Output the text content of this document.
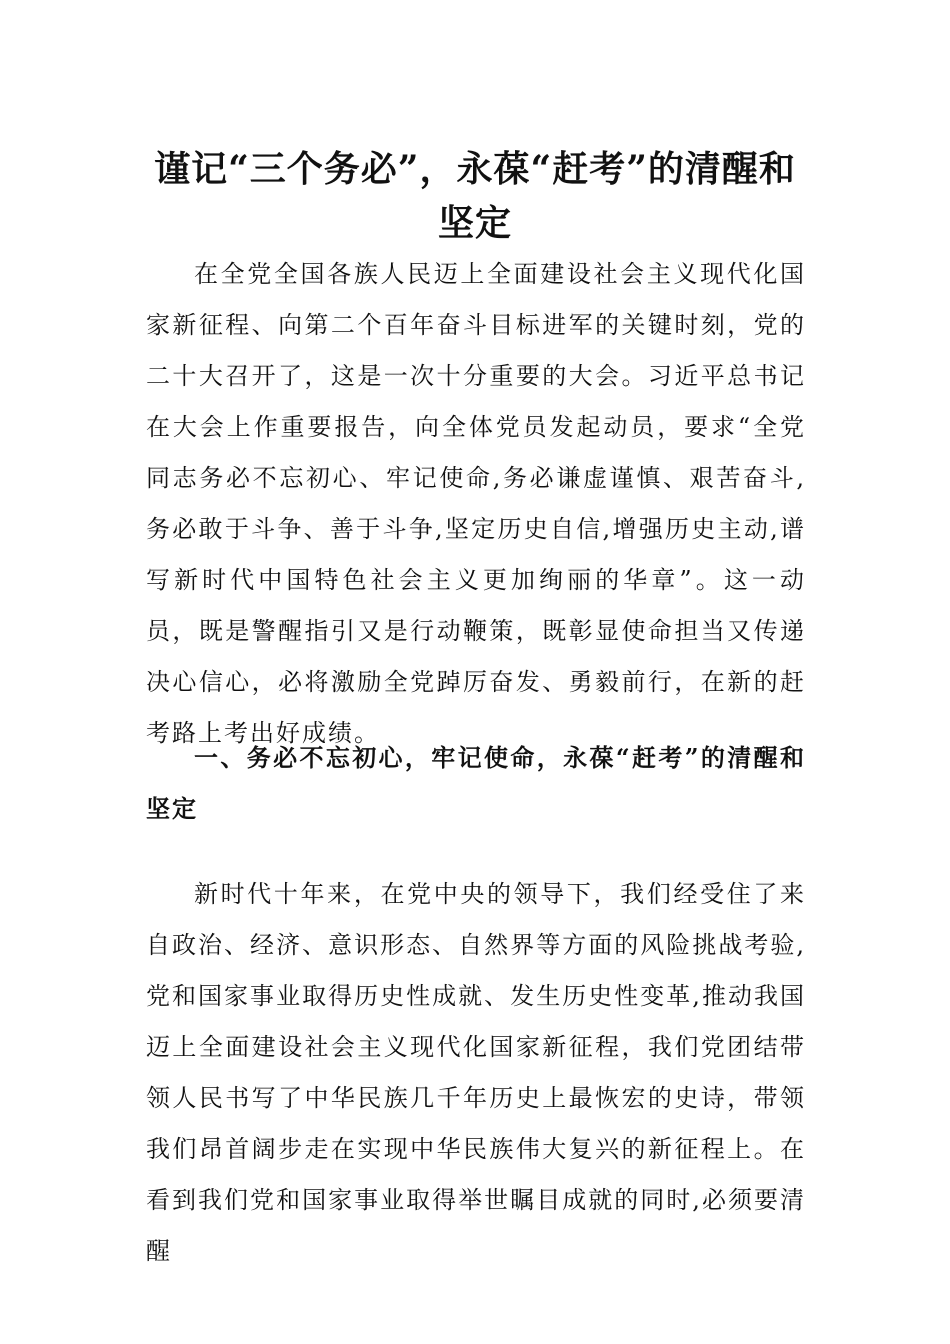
谨记“三个务必”，永葆“赶考”的清醒和坚定

在全党全国各族人民迈上全面建设社会主义现代化国家新征程、向第二个百年奋斗目标进军的关键时刻，党的二十大召开了，这是一次十分重要的大会。习近平总书记在大会上作重要报告，向全体党员发起动员，要求“全党同志务必不忘初心、牢记使命,务必谦虚谨慎、艰苦奋斗,务必敢于斗争、善于斗争,坚定历史自信,增强历史主动,谱写新时代中国特色社会主义更加绚丽的华章”。这一动员，既是警醒指引又是行动鞭策，既彰显使命担当又传递决心信心，必将激励全党踔厉奋发、勇毅前行，在新的赶考路上考出好成绩。

一、务必不忘初心，牢记使命，永葆“赶考”的清醒和坚定

新时代十年来，在党中央的领导下，我们经受住了来自政治、经济、意识形态、自然界等方面的风险挑战考验,党和国家事业取得历史性成就、发生历史性变革,推动我国迈上全面建设社会主义现代化国家新征程，我们党团结带领人民书写了中华民族几千年历史上最恢宏的史诗，带领我们昂首阔步走在实现中华民族伟大复兴的新征程上。在看到我们党和国家事业取得举世瞩目成就的同时,必须要清醒
